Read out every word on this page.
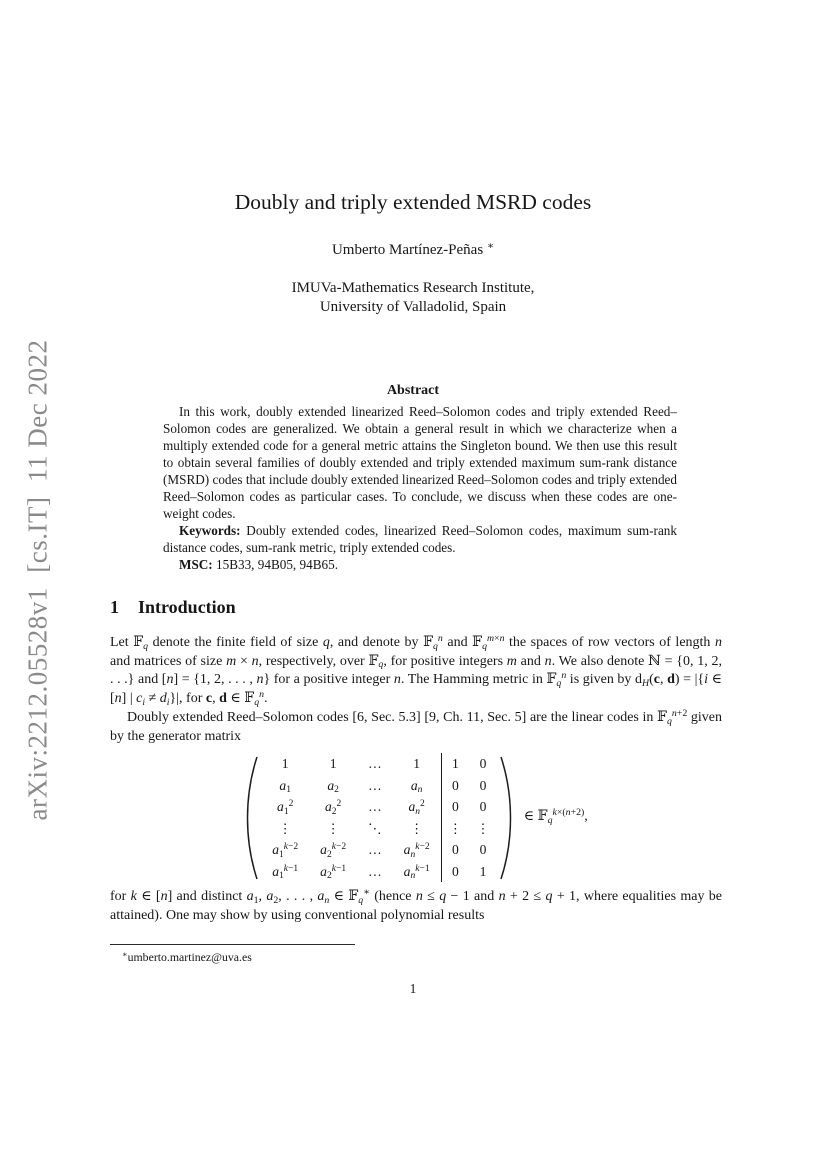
arXiv:2212.05528v1  [cs.IT]  11 Dec 2022
Doubly and triply extended MSRD codes
Umberto Martínez-Peñas ∗
IMUVa-Mathematics Research Institute,
University of Valladolid, Spain
Abstract

In this work, doubly extended linearized Reed–Solomon codes and triply extended Reed–Solomon codes are generalized. We obtain a general result in which we characterize when a multiply extended code for a general metric attains the Singleton bound. We then use this result to obtain several families of doubly extended and triply extended maximum sum-rank distance (MSRD) codes that include doubly extended linearized Reed–Solomon codes and triply extended Reed–Solomon codes as particular cases. To conclude, we discuss when these codes are one-weight codes.

Keywords: Doubly extended codes, linearized Reed–Solomon codes, maximum sum-rank distance codes, sum-rank metric, triply extended codes.

MSC: 15B33, 94B05, 94B65.

1 Introduction

Let 𝔽$_q$ denote the finite field of size q, and denote by 𝔽$_q^n$ and 𝔽$_q^{m\times n}$ the spaces of row vectors of length n and matrices of size m × n, respectively, over 𝔽$_q$, for positive integers m and n. We also denote ℕ = {0, 1, 2, . . .} and [n] = {1, 2, . . . , n} for a positive integer n. The Hamming metric in 𝔽$_q^n$ is given by $d_H(c$, d) = |{i ∈ [n] | $c_i \ne d_i\}|$, for c, d ∈ 𝔽$_q^n$.

Doubly extended Reed–Solomon codes [6, Sec. 5.3] [9, Ch. 11, Sec. 5] are the linear codes in 𝔽$_q^{n+2}$ given by the generator matrix

1	1	…	1	1	0
$a_1$	$a_2$	…	$a_n$	0	0
$a_1^2$	$a_2^2$	…	$a_n^2$	0	0
⋮	⋮	⋱	⋮	⋮	⋮
$a_1^{k-2}$	$a_2^{k-2}$	…	$a_n^{k-2}$	0	0
$a_1^{k-1}$	$a_2^{k-1}$	…	$a_n^{k-1}$	0	1
∈ 𝔽$_q^{k\times(n+2)}$,

for k ∈ [n] and distinct $a_1$, $a_2$, . . . , $a_n$ ∈ 𝔽$_q$∗ (hence n ≤ q − 1 and n + 2 ≤ q + 1, where equalities may be attained). One may show by using conventional polynomial results

∗umberto.martinez@uva.es
1
